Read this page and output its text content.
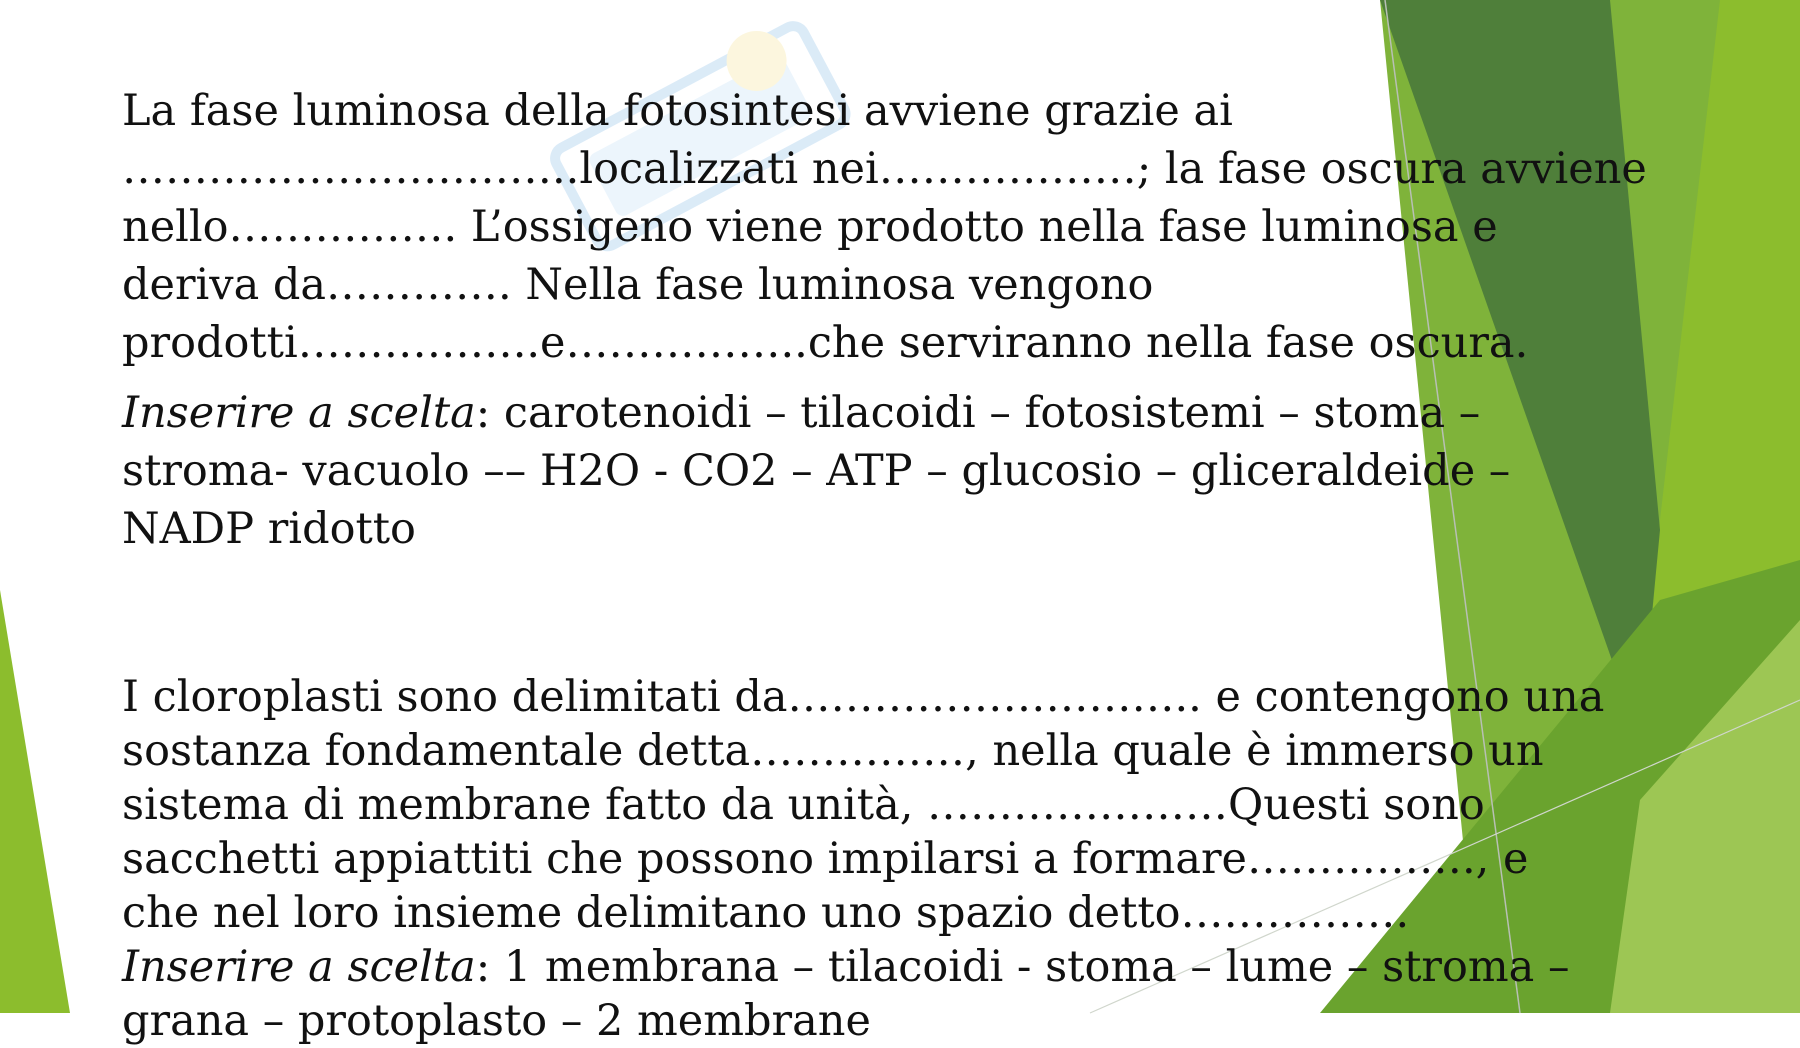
La fase luminosa della fotosintesi avviene grazie ai
…………………………..localizzati nei………………; la fase oscura avviene
nello……………. L’ossigeno viene prodotto nella fase luminosa e
deriva da…………. Nella fase luminosa vengono
prodotti……………..e……………..che serviranno nella fase oscura.
Inserire a scelta: carotenoidi – tilacoidi – fotosistemi – stoma –
stroma- vacuolo –– H2O - CO2 – ATP – glucosio – gliceraldeide –
NADP ridotto
I cloroplasti sono delimitati da……………………….. e contengono una
sostanza fondamentale detta……………, nella quale è immerso un
sistema di membrane fatto da unità, …………………Questi sono
sacchetti appiattiti che possono impilarsi a formare……………., e
che nel loro insieme delimitano uno spazio detto…………….
Inserire a scelta: 1 membrana – tilacoidi - stoma – lume – stroma –
grana – protoplasto – 2 membrane
